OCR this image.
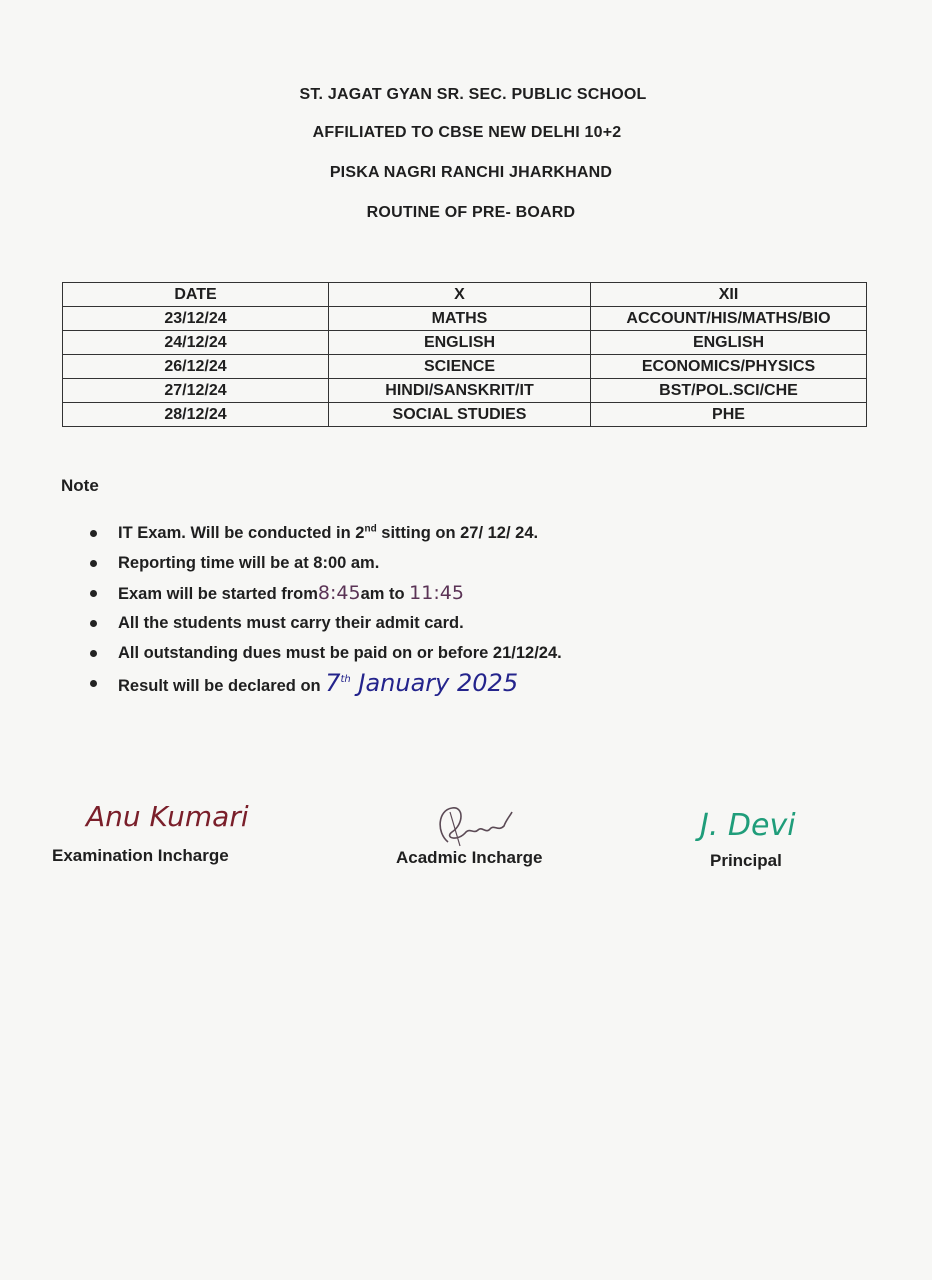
ST. JAGAT GYAN SR. SEC. PUBLIC SCHOOL
AFFILIATED TO CBSE NEW DELHI 10+2
PISKA NAGRI RANCHI JHARKHAND
ROUTINE OF PRE- BOARD
DATE	X	XII
23/12/24	MATHS	ACCOUNT/HIS/MATHS/BIO
24/12/24	ENGLISH	ENGLISH
26/12/24	SCIENCE	ECONOMICS/PHYSICS
27/12/24	HINDI/SANSKRIT/IT	BST/POL.SCI/CHE
28/12/24	SOCIAL STUDIES	PHE
Note
IT Exam. Will be conducted in 2nd sitting on 27/ 12/ 24.
Reporting time will be at 8:00 am.
Exam will be started from8:45am to 11:45
All the students must carry their admit card.
All outstanding dues must be paid on or before 21/12/24.
Result will be declared on 7th January 2025
Anu Kumari
Examination Incharge	Acadmic Incharge
J. Devi
Principal
